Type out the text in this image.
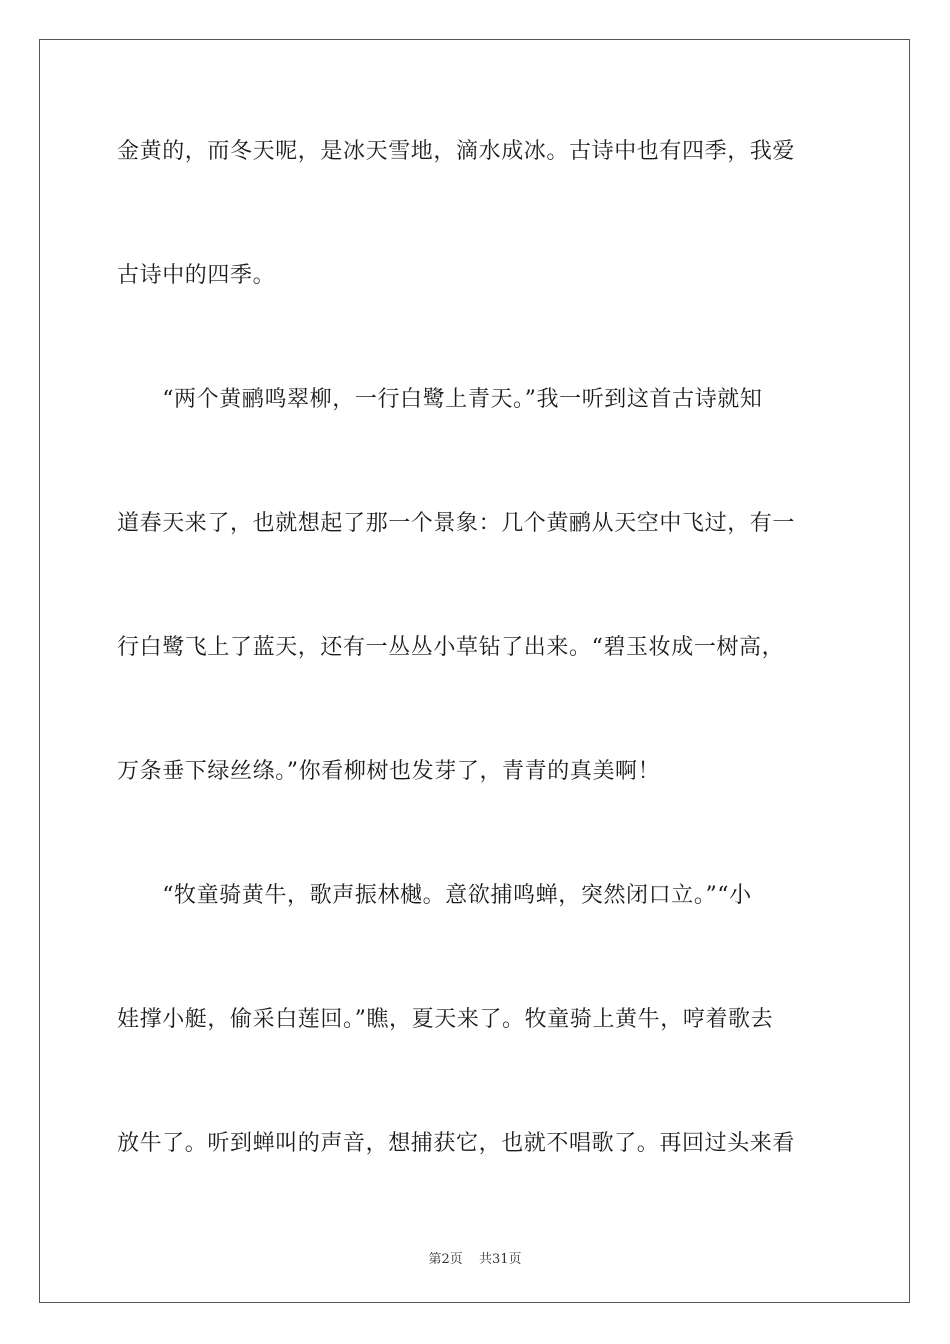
金黄的，而冬天呢，是冰天雪地，滴水成冰。古诗中也有四季，我爱
古诗中的四季。
　　“两个黄鹂鸣翠柳，一行白鹭上青天。”我一听到这首古诗就知
道春天来了，也就想起了那一个景象：几个黄鹂从天空中飞过，有一
行白鹭飞上了蓝天，还有一丛丛小草钻了出来。“碧玉妆成一树高，
万条垂下绿丝绦。”你看柳树也发芽了，青青的真美啊！
　　“牧童骑黄牛，歌声振林樾。意欲捕鸣蝉，突然闭口立。”“小
娃撑小艇，偷采白莲回。”瞧，夏天来了。牧童骑上黄牛，哼着歌去
放牛了。听到蝉叫的声音，想捕获它，也就不唱歌了。再回过头来看
第2页 共31页
